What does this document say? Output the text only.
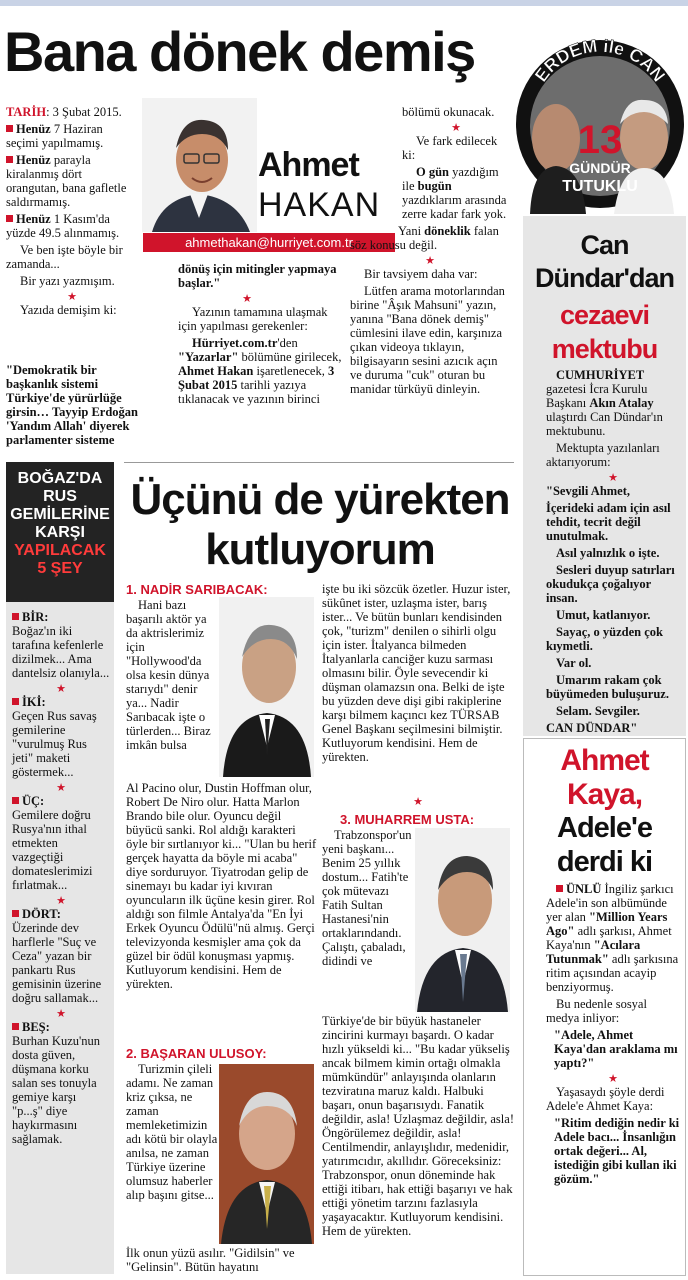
Bana dönek demiş
Ahmet
HAKAN
ahmethakan@hurriyet.com.tr

TARİH: 3 Şubat 2015.

Henüz 7 Haziran seçimi yapılmamış.

Henüz parayla kiralanmış dört orangutan, bana gafletle saldırmamış.

Henüz 1 Kasım'da yüzde 49.5 alınmamış.

Ve ben işte böyle bir zamanda...

Bir yazı yazmışım.

★

Yazıda demişim ki:

"Demokratik bir başkanlık sistemi Türkiye'de yürürlüğe girsin… Tayyip Erdoğan 'Yandım Allah' diyerek parlamenter sisteme

dönüş için mitingler yapmaya başlar."

★

Yazının tamamına ulaşmak için yapılması gerekenler:

Hürriyet.com.tr'den "Yazarlar" bölümüne girilecek, Ahmet Hakan işaretlenecek, 3 Şubat 2015 tarihli yazıya tıklanacak ve yazının birinci

bölümü okunacak.

★

Ve fark edilecek ki:

O gün yazdığım ile bugün yazdıklarım arasında zerre kadar fark yok.

Yani döneklik falan söz konusu değil.

★

Bir tavsiyem daha var:

Lütfen arama motorlarından birine "Âşık Mahsuni" yazın, yanına "Bana dönek demiş" cümlesini ilave edin, karşınıza çıkan videoya tıklayın, bilgisayarın sesini azıcık açın ve duruma "cuk" oturan bu manidar türküyü dinleyin.

ERDEM ile CAN
13
GÜNDÜR
TUTUKLU
Can
Dündar'dan
cezaevi
mektubu

CUMHURİYET gazetesi İcra Kurulu Başkanı Akın Atalay ulaştırdı Can Dündar'ın mektubunu.

Mektupta yazılanları aktarıyorum:

★

"Sevgili Ahmet,

İçerideki adam için asıl tehdit, tecrit değil unutulmak.

Asıl yalnızlık o işte.

Sesleri duyup satırları okudukça çoğalıyor insan.

Umut, katlanıyor.

Sayaç, o yüzden çok kıymetli.

Var ol.

Umarım rakam çok büyümeden buluşuruz.

Selam. Sevgiler.

CAN DÜNDAR"

BOĞAZ'DA
RUS
GEMİLERİNE
KARŞI
YAPILACAK
5 ŞEY

BİR:
Boğaz'ın iki tarafına kefenlerle dizilmek... Ama dantelsiz olanıyla...

★

İKİ:
Geçen Rus savaş gemilerine "vurulmuş Rus jeti" maketi göstermek...

★

ÜÇ:
Gemilere doğru Rusya'nın ithal etmekten vazgeçtiği domateslerimizi fırlatmak...

★

DÖRT:
Üzerinde dev harflerle "Suç ve Ceza" yazan bir pankartı Rus gemisinin üzerine doğru sallamak...

★

BEŞ:
Burhan Kuzu'nun dosta güven, düşmana korku salan ses tonuyla gemiye karşı "p...ş" diye haykırmasını sağlamak.

Üçünü de yürekten
kutluyorum
1. NADİR SARIBACAK:
Hani bazı başarılı aktör ya da aktrislerimiz için "Hollywood'da olsa kesin dünya starıydı" denir ya... Nadir Sarıbacak işte o türlerden... Biraz imkân bulsa
Al Pacino olur, Dustin Hoffman olur, Robert De Niro olur. Hatta Marlon Brando bile olur. Oyuncu değil büyücü sanki. Rol aldığı karakteri öyle bir sırtlanıyor ki... "Ulan bu herif gerçek hayatta da böyle mi acaba" diye sorduruyor. Tiyatrodan gelip de sinemayı bu kadar iyi kıvıran oyuncuların ilk üçüne kesin girer. Rol aldığı son filmle Antalya'da "En İyi Erkek Oyuncu Ödülü"nü almış. Gerçi televizyonda kesmişler ama çok da güzel bir ödül konuşması yapmış. Kutluyorum kendisini. Hem de yürekten.
2. BAŞARAN ULUSOY:
Turizmin çileli adamı. Ne zaman kriz çıksa, ne zaman memleketimizin adı kötü bir olayla anılsa, ne zaman Türkiye üzerine olumsuz haberler alıp başını gitse...
İlk onun yüzü asılır. "Gidilsin" ve "Gelinsin". Bütün hayatını
işte bu iki sözcük özetler. Huzur ister, sükûnet ister, uzlaşma ister, barış ister... Ve bütün bunları kendisinden çok, "turizm" denilen o sihirli olgu için ister. İtalyanca bilmeden İtalyanlarla canciğer kuzu sarması olmasını bilir. Öyle sevecendir ki düşman olamazsın ona. Belki de işte bu yüzden deve dişi gibi rakiplerine karşı bilmem kaçıncı kez TÜRSAB Genel Başkanı seçilmesini bilmiştir. Kutluyorum kendisini. Hem de yürekten.
★
3. MUHARREM USTA:
Trabzonspor'un yeni başkanı... Benim 25 yıllık dostum... Fatih'te çok mütevazı Fatih Sultan Hastanesi'nin ortaklarındandı. Çalıştı, çabaladı, didindi ve
Türkiye'de bir büyük hastaneler zincirini kurmayı başardı. O kadar hızlı yükseldi ki... "Bu kadar yükseliş ancak bilmem kimin ortağı olmakla mümkündür" anlayışında olanların tezviratına maruz kaldı. Halbuki başarı, onun başarısıydı. Fanatik değildir, asla! Uzlaşmaz değildir, asla! Öngörülemez değildir, asla! Centilmendir, anlayışlıdır, medenidir, yatırımcıdır, akıllıdır. Göreceksiniz: Trabzonspor, onun döneminde hak ettiği itibarı, hak ettiği başarıyı ve hak ettiği yönetim tarzını fazlasıyla yaşayacaktır. Kutluyorum kendisini. Hem de yürekten.
Ahmet
Kaya,
Adele'e
derdi ki

ÜNLÜ İngiliz şarkıcı Adele'in son albümünde yer alan "Million Years Ago" adlı şarkısı, Ahmet Kaya'nın "Acılara Tutunmak" adlı şarkısına ritim açısından acayip benziyormuş.

Bu nedenle sosyal medya inliyor:

"Adele, Ahmet Kaya'dan araklama mı yaptı?"

★

Yaşasaydı şöyle derdi Adele'e Ahmet Kaya:

"Ritim dediğin nedir ki Adele bacı... İnsanlığın ortak değeri... Al, istediğin gibi kullan iki gözüm."
